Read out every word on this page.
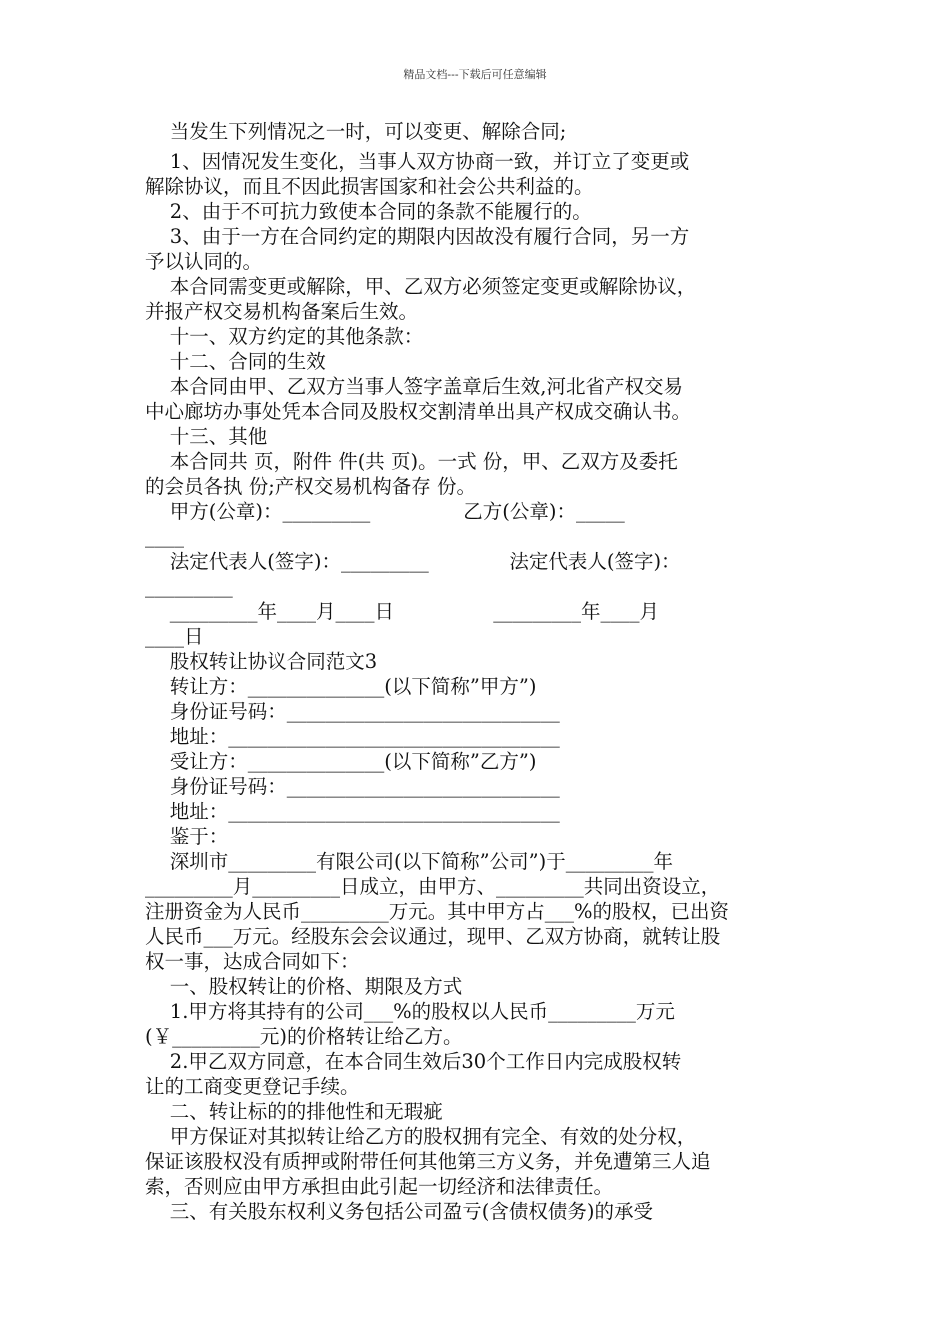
精品文档---下载后可任意编辑
当发生下列情况之一时，可以变更、解除合同;
1、因情况发生变化，当事人双方协商一致，并订立了变更或
解除协议，而且不因此损害国家和社会公共利益的。
2、由于不可抗力致使本合同的条款不能履行的。
3、由于一方在合同约定的期限内因故没有履行合同，另一方
予以认同的。
本合同需变更或解除，甲、乙双方必须签定变更或解除协议，
并报产权交易机构备案后生效。
十一、双方约定的其他条款：
十二、合同的生效
本合同由甲、乙双方当事人签字盖章后生效,河北省产权交易
中心廊坊办事处凭本合同及股权交割清单出具产权成交确认书。
十三、其他
本合同共 页，附件 件(共 页)。一式 份，甲、乙双方及委托
的会员各执 份;产权交易机构备存 份。
甲方(公章)：_________               乙方(公章)：_____
____
法定代表人(签字)：_________             法定代表人(签字)：
_________
_________年____月____日                _________年____月
____日
股权转让协议合同范文3
转让方：______________(以下简称”甲方”)
身份证号码：____________________________
地址：__________________________________
受让方：______________(以下简称”乙方”)
身份证号码：____________________________
地址：__________________________________
鉴于：
深圳市_________有限公司(以下简称”公司”)于_________年
_________月_________日成立，由甲方、_________共同出资设立，
注册资金为人民币_________万元。其中甲方占___%的股权，已出资
人民币___万元。经股东会会议通过，现甲、乙双方协商，就转让股
权一事，达成合同如下：
一、股权转让的价格、期限及方式
1.甲方将其持有的公司___%的股权以人民币_________万元
(￥_________元)的价格转让给乙方。
2.甲乙双方同意，在本合同生效后30个工作日内完成股权转
让的工商变更登记手续。
二、转让标的的排他性和无瑕疵
甲方保证对其拟转让给乙方的股权拥有完全、有效的处分权，
保证该股权没有质押或附带任何其他第三方义务，并免遭第三人追
索，否则应由甲方承担由此引起一切经济和法律责任。
三、有关股东权利义务包括公司盈亏(含债权债务)的承受
